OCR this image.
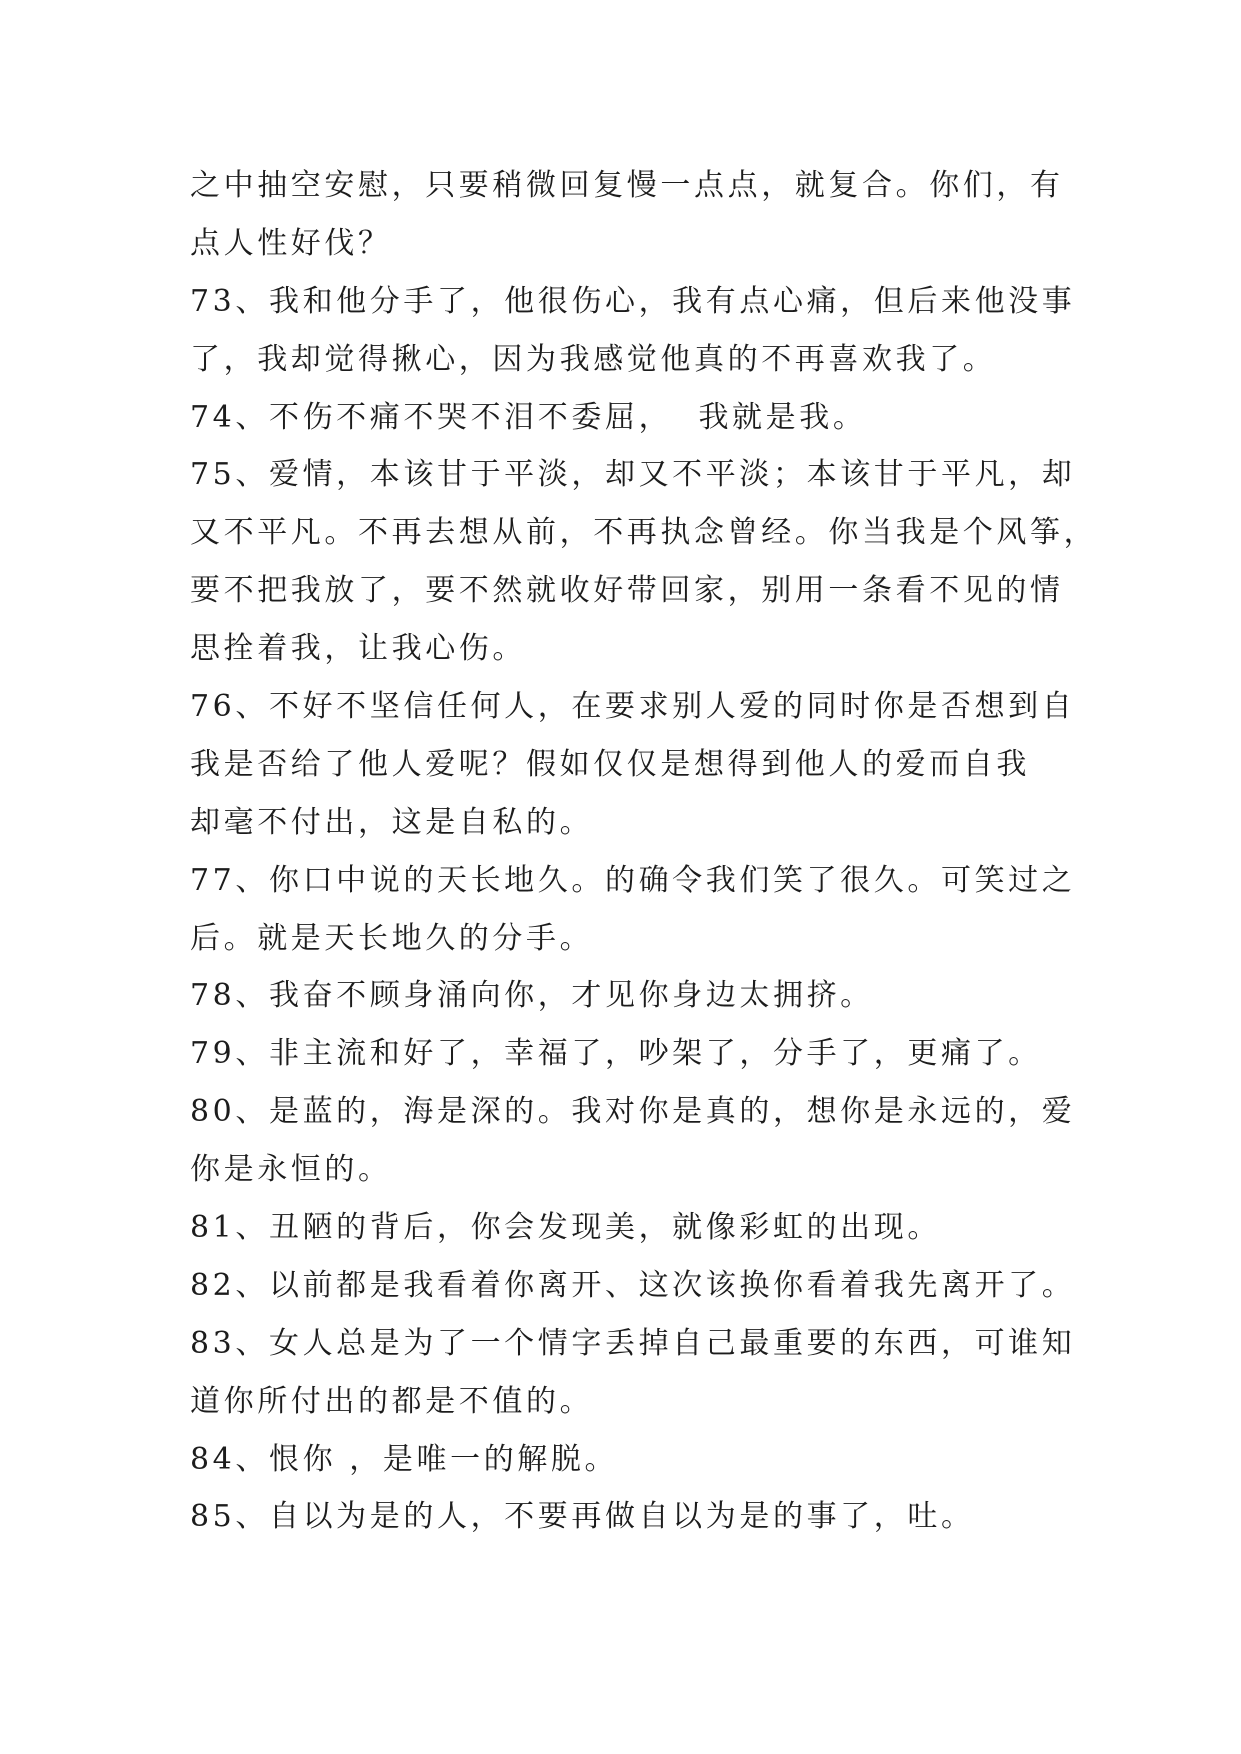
之中抽空安慰，只要稍微回复慢一点点，就复合。你们，有
点人性好伐？
73、我和他分手了，他很伤心，我有点心痛，但后来他没事
了，我却觉得揪心，因为我感觉他真的不再喜欢我了。
74、不伤不痛不哭不泪不委屈，  我就是我。
75、爱情，本该甘于平淡，却又不平淡；本该甘于平凡，却
又不平凡。不再去想从前，不再执念曾经。你当我是个风筝，
要不把我放了，要不然就收好带回家，别用一条看不见的情
思拴着我，让我心伤。
76、不好不坚信任何人，在要求别人爱的同时你是否想到自
我是否给了他人爱呢？假如仅仅是想得到他人的爱而自我
却毫不付出，这是自私的。
77、你口中说的天长地久。的确令我们笑了很久。可笑过之
后。就是天长地久的分手。
78、我奋不顾身涌向你，才见你身边太拥挤。
79、非主流和好了，幸福了，吵架了，分手了，更痛了。
80、是蓝的，海是深的。我对你是真的，想你是永远的，爱
你是永恒的。
81、丑陋的背后，你会发现美，就像彩虹的出现。
82、以前都是我看着你离开、这次该换你看着我先离开了。
83、女人总是为了一个情字丢掉自己最重要的东西，可谁知
道你所付出的都是不值的。
84、恨你 ，是唯一的解脱。
85、自以为是的人，不要再做自以为是的事了，吐。
